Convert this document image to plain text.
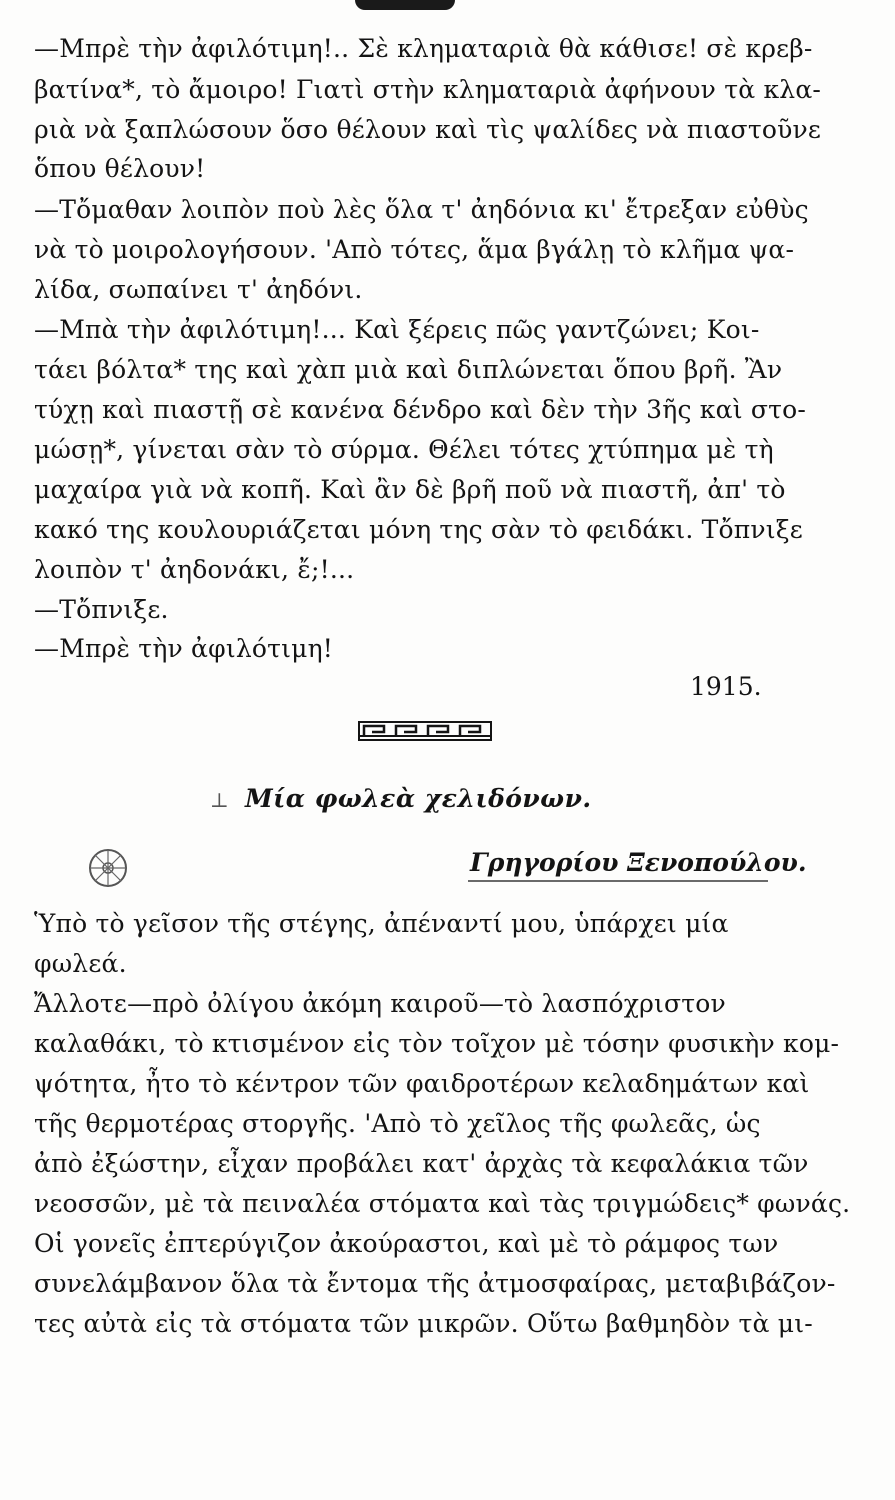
—Μπρὲ τὴν ἀφιλότιμη!.. Σὲ κληματαριὰ θὰ κάθισε! σὲ κρεβ-
βατίνα*, τὸ ἄμοιρο! Γιατὶ στὴν κληματαριὰ ἀφήνουν τὰ κλα-
ριὰ νὰ ξαπλώσουν ὅσο θέλουν καὶ τὶς ψαλίδες νὰ πιαστοῦνε
ὅπου θέλουν!
—Τὄμαθαν λοιπὸν ποὺ λὲς ὅλα τ' ἀηδόνια κι' ἔτρεξαν εὐθὺς
νὰ τὸ μοιρολογήσουν. 'Απὸ τότες, ἅμα βγάλῃ τὸ κλῆμα ψα-
λίδα, σωπαίνει τ' ἀηδόνι.
—Μπὰ τὴν ἀφιλότιμη!... Καὶ ξέρεις πῶς γαντζώνει; Κοι-
τάει βόλτα* της καὶ χὰπ μιὰ καὶ διπλώνεται ὅπου βρῆ. Ἂν
τύχῃ καὶ πιαστῇ σὲ κανένα δένδρο καὶ δὲν τὴν 3ῆς καὶ στο-
μώσῃ*, γίνεται σὰν τὸ σύρμα. Θέλει τότες χτύπημα μὲ τὴ
μαχαίρα γιὰ νὰ κοπῆ. Καὶ ἂν δὲ βρῆ ποῦ νὰ πιαστῆ, ἀπ' τὸ
κακό της κουλουριάζεται μόνη της σὰν τὸ φειδάκι. Τὄπνιξε
λοιπὸν τ' ἀηδονάκι, ἔ;!...
—Τὄπνιξε.
—Μπρὲ τὴν ἀφιλότιμη!
1915.
⊥ Μία φωλεὰ χελιδόνων.
Γρηγορίου Ξενοπούλου.
Ὑπὸ τὸ γεῖσον τῆς στέγης, ἀπέναντί μου, ὑπάρχει μία
φωλεά.
Ἄλλοτε—πρὸ ὀλίγου ἀκόμη καιροῦ—τὸ λασπόχριστον
καλαθάκι, τὸ κτισμένον εἰς τὸν τοῖχον μὲ τόσην φυσικὴν κομ-
ψότητα, ἦτο τὸ κέντρον τῶν φαιδροτέρων κελαδημάτων καὶ
τῆς θερμοτέρας στοργῆς. 'Απὸ τὸ χεῖλος τῆς φωλεᾶς, ὡς
ἀπὸ ἐξώστην, εἶχαν προβάλει κατ' ἀρχὰς τὰ κεφαλάκια τῶν
νεοσσῶν, μὲ τὰ πειναλέα στόματα καὶ τὰς τριγμώδεις* φωνάς.
Οἱ γονεῖς ἐπτερύγιζον ἀκούραστοι, καὶ μὲ τὸ ράμφος των
συνελάμβανον ὅλα τὰ ἔντομα τῆς ἀτμοσφαίρας, μεταβιβάζον-
τες αὐτὰ εἰς τὰ στόματα τῶν μικρῶν. Οὕτω βαθμηδὸν τὰ μι-
